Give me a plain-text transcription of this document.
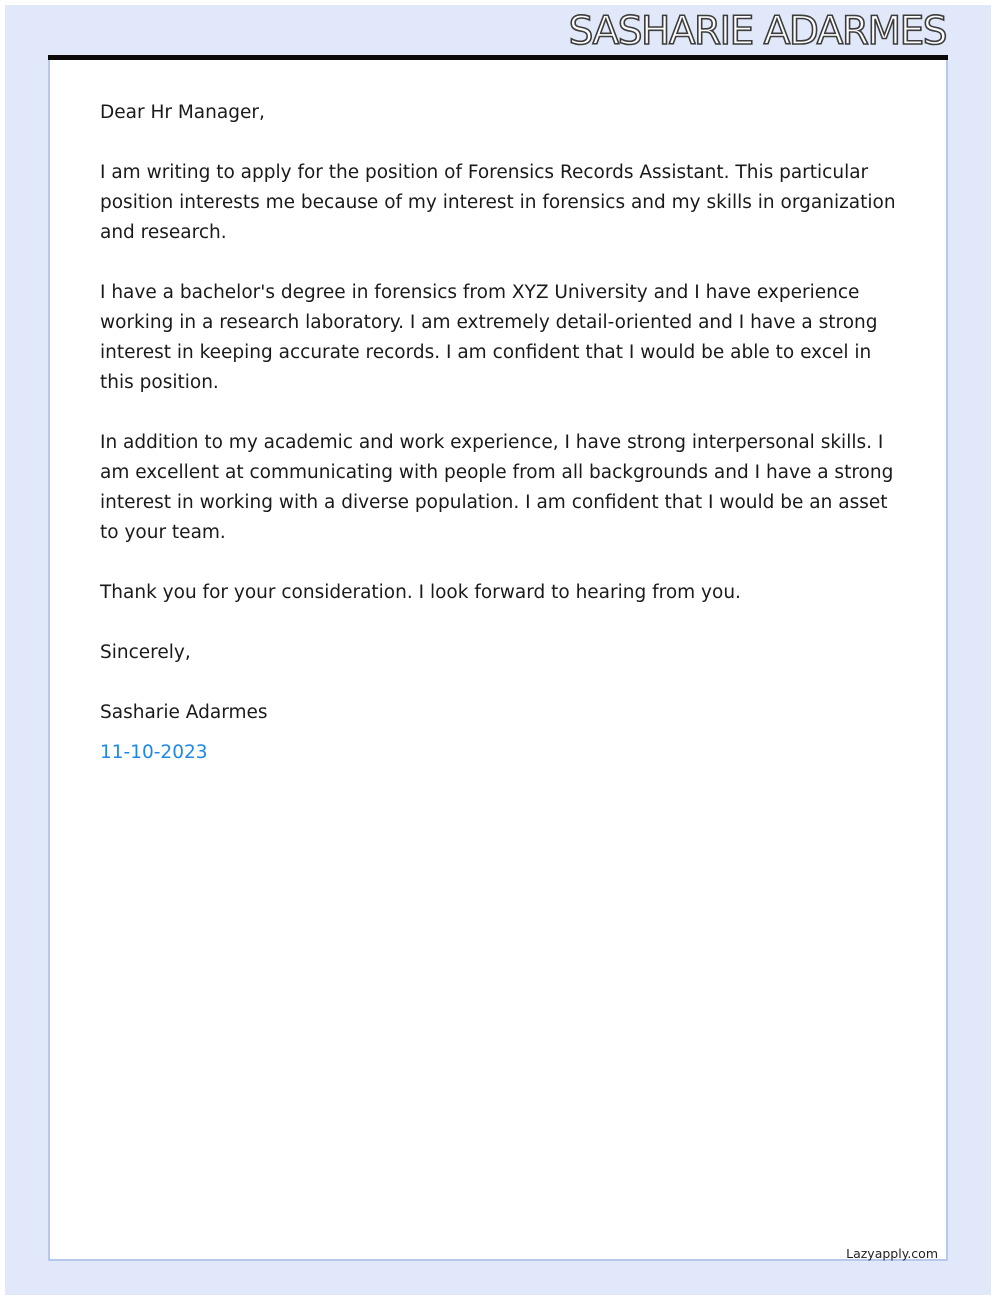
SASHARIE ADARMES

Dear Hr Manager,

I am writing to apply for the position of Forensics Records Assistant. This particular position interests me because of my interest in forensics and my skills in organization and research.

I have a bachelor's degree in forensics from XYZ University and I have experience working in a research laboratory. I am extremely detail-oriented and I have a strong interest in keeping accurate records. I am confident that I would be able to excel in this position.

In addition to my academic and work experience, I have strong interpersonal skills. I am excellent at communicating with people from all backgrounds and I have a strong interest in working with a diverse population. I am confident that I would be an asset to your team.

Thank you for your consideration. I look forward to hearing from you.

Sincerely,

Sasharie Adarmes

11-10-2023

Lazyapply.com
